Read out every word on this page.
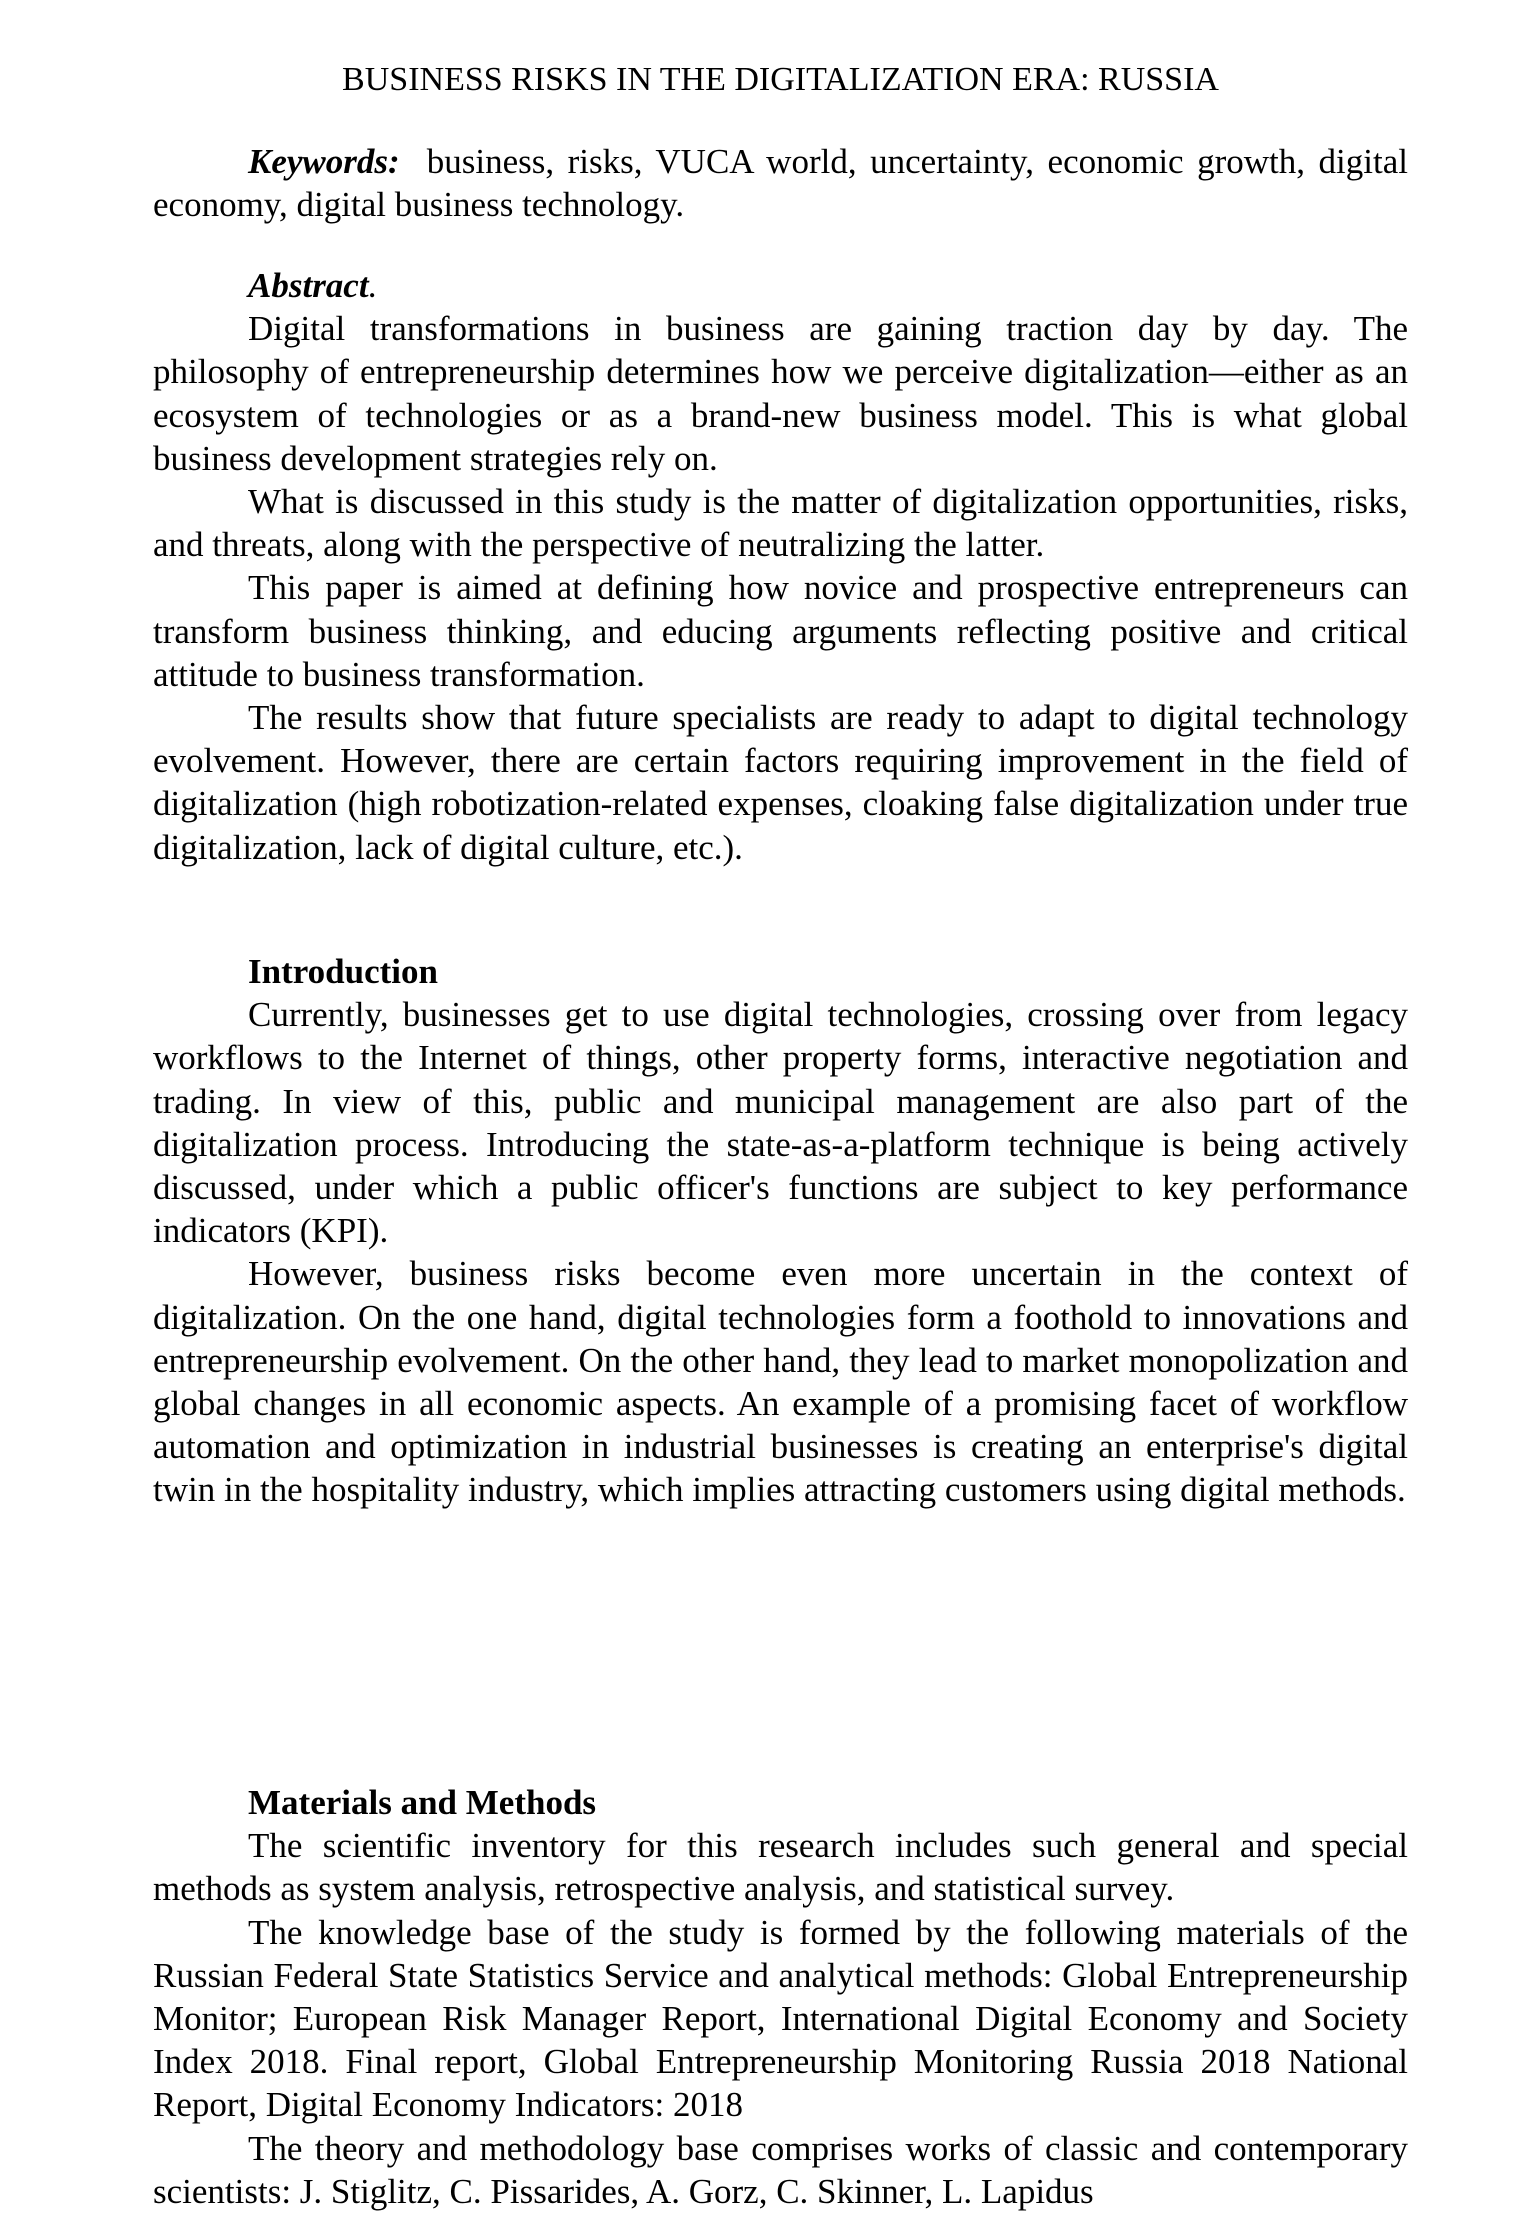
BUSINESS RISKS IN THE DIGITALIZATION ERA: RUSSIA

Keywords: business, risks, VUCA world, uncertainty, economic growth, digital economy, digital business technology.

Abstract.

Digital transformations in business are gaining traction day by day. The philosophy of entrepreneurship determines how we perceive digitalization—either as an ecosystem of technologies or as a brand-new business model. This is what global business development strategies rely on.

What is discussed in this study is the matter of digitalization opportunities, risks, and threats, along with the perspective of neutralizing the latter.

This paper is aimed at defining how novice and prospective entrepreneurs can transform business thinking, and educing arguments reflecting positive and critical attitude to business transformation.

The results show that future specialists are ready to adapt to digital technology evolvement. However, there are certain factors requiring improvement in the field of digitalization (high robotization-related expenses, cloaking false digitalization under true digitalization, lack of digital culture, etc.).

Introduction

Currently, businesses get to use digital technologies, crossing over from legacy workflows to the Internet of things, other property forms, interactive negotiation and trading. In view of this, public and municipal management are also part of the digitalization process. Introducing the state-as-a-platform technique is being actively discussed, under which a public officer's functions are subject to key performance indicators (KPI).

However, business risks become even more uncertain in the context of digitalization. On the one hand, digital technologies form a foothold to innovations and entrepreneurship evolvement. On the other hand, they lead to market monopolization and global changes in all economic aspects. An example of a promising facet of workflow automation and optimization in industrial businesses is creating an enterprise's digital twin in the hospitality industry, which implies attracting customers using digital methods.

Materials and Methods

The scientific inventory for this research includes such general and special methods as system analysis, retrospective analysis, and statistical survey.

The knowledge base of the study is formed by the following materials of the Russian Federal State Statistics Service and analytical methods: Global Entrepreneurship Monitor; European Risk Manager Report, International Digital Economy and Society Index 2018. Final report, Global Entrepreneurship Monitoring Russia 2018 National Report, Digital Economy Indicators: 2018

The theory and methodology base comprises works of classic and contemporary scientists: J. Stiglitz, C. Pissarides, A. Gorz, C. Skinner, L. Lapidus
